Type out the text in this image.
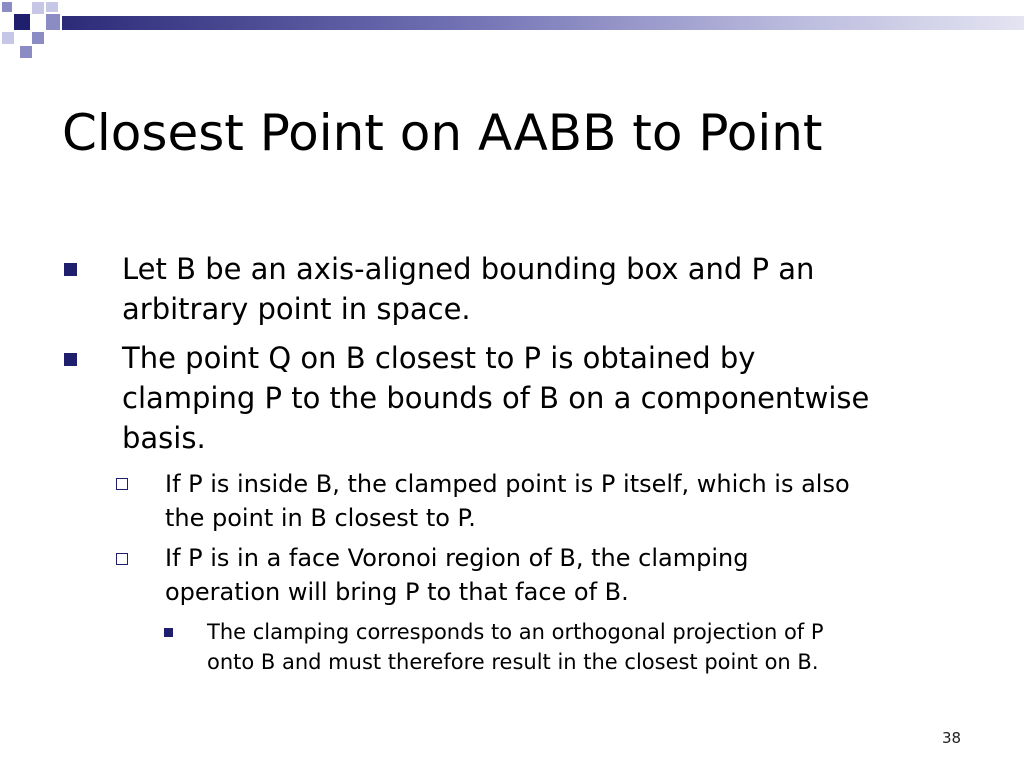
Closest Point on AABB to Point
Let B be an axis-aligned bounding box and P an
arbitrary point in space.
The point Q on B closest to P is obtained by
clamping P to the bounds of B on a componentwise
basis.
If P is inside B, the clamped point is P itself, which is also
the point in B closest to P.
If P is in a face Voronoi region of B, the clamping
operation will bring P to that face of B.
The clamping corresponds to an orthogonal projection of P
onto B and must therefore result in the closest point on B.
38
